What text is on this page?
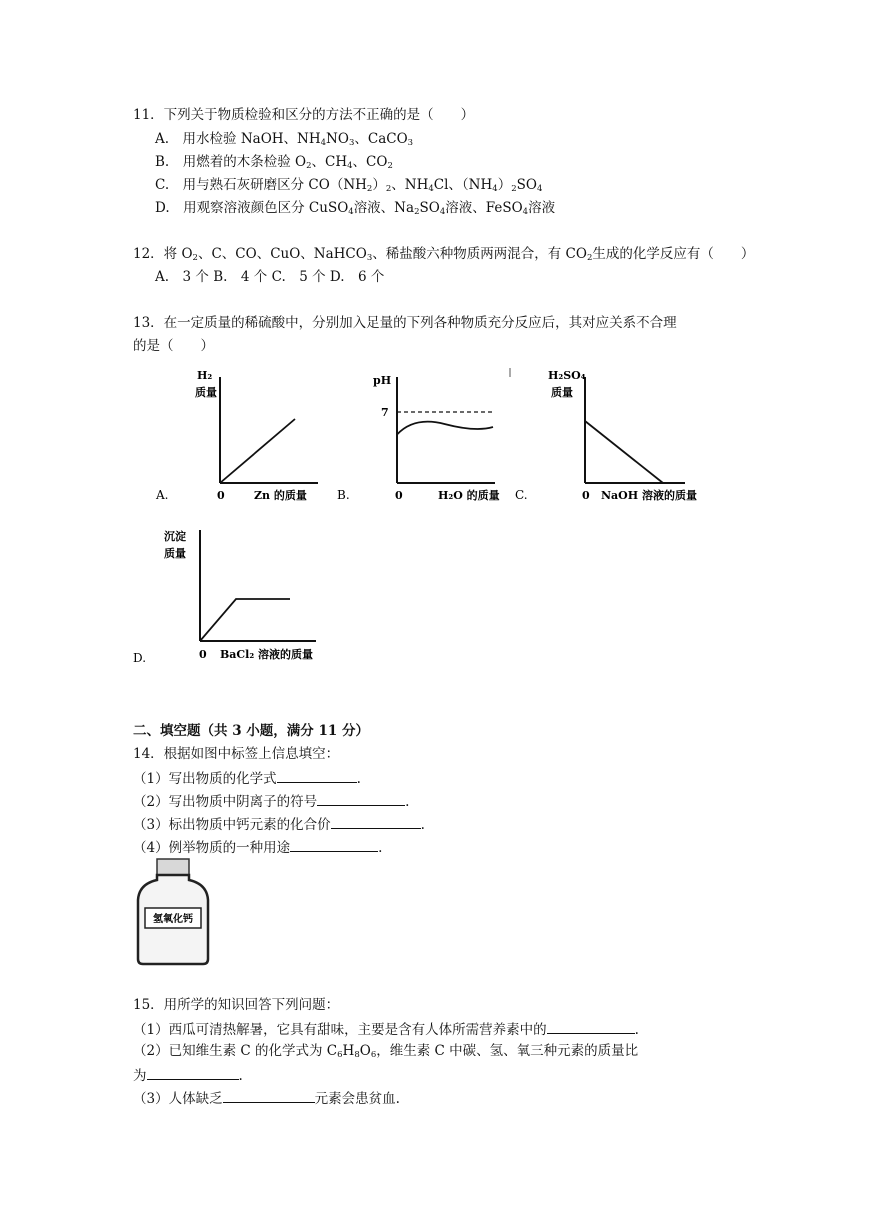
11．下列关于物质检验和区分的方法不正确的是（　　）
A.　用水检验 NaOH、$NH_4NO_3$、CaCO$_3$
B.　用燃着的木条检验 $O_2$、$CH_4$、$CO_2$
C.　用与熟石灰研磨区分 $CO(NH_2)_2$、$NH_4Cl$、$(NH_4)_2SO_4$
D.　用观察溶液颜色区分 CuSO$_4$溶液、$Na_2SO_4$溶液、FeSO$_4$溶液
12．将 $O_2$、C、CO、CuO、NaHCO$_3$、稀盐酸六种物质两两混合，有 $CO_2$生成的化学反应有（　　）
A.　3 个 B.　4 个 C.　5 个 D.　6 个
13．在一定质量的稀硫酸中，分别加入足量的下列各种物质充分反应后，其对应关系不合理
的是（　　）
H₂
质量
0	Zn 的质量
A.
pH
7
0	H₂O 的质量
B.
H₂SO₄
质量
0 NaOH 溶液的质量
C.
沉淀
质量
0 BaCl₂ 溶液的质量
D.
二、填空题（共 3 小题，满分 11 分）
14．根据如图中标签上信息填空：
（1）写出物质的化学式	.
（2）写出物质中阴离子的符号	.
（3）标出物质中钙元素的化合价	.
（4）例举物质的一种用途	.
氢氧化钙
15．用所学的知识回答下列问题：
（1）西瓜可清热解暑，它具有甜味，主要是含有人体所需营养素中的	.
（2）已知维生素 C 的化学式为 $C_6H_8O_6$，维生素 C 中碳、氢、氧三种元素的质量比
为	.
（3）人体缺乏	元素会患贫血.
